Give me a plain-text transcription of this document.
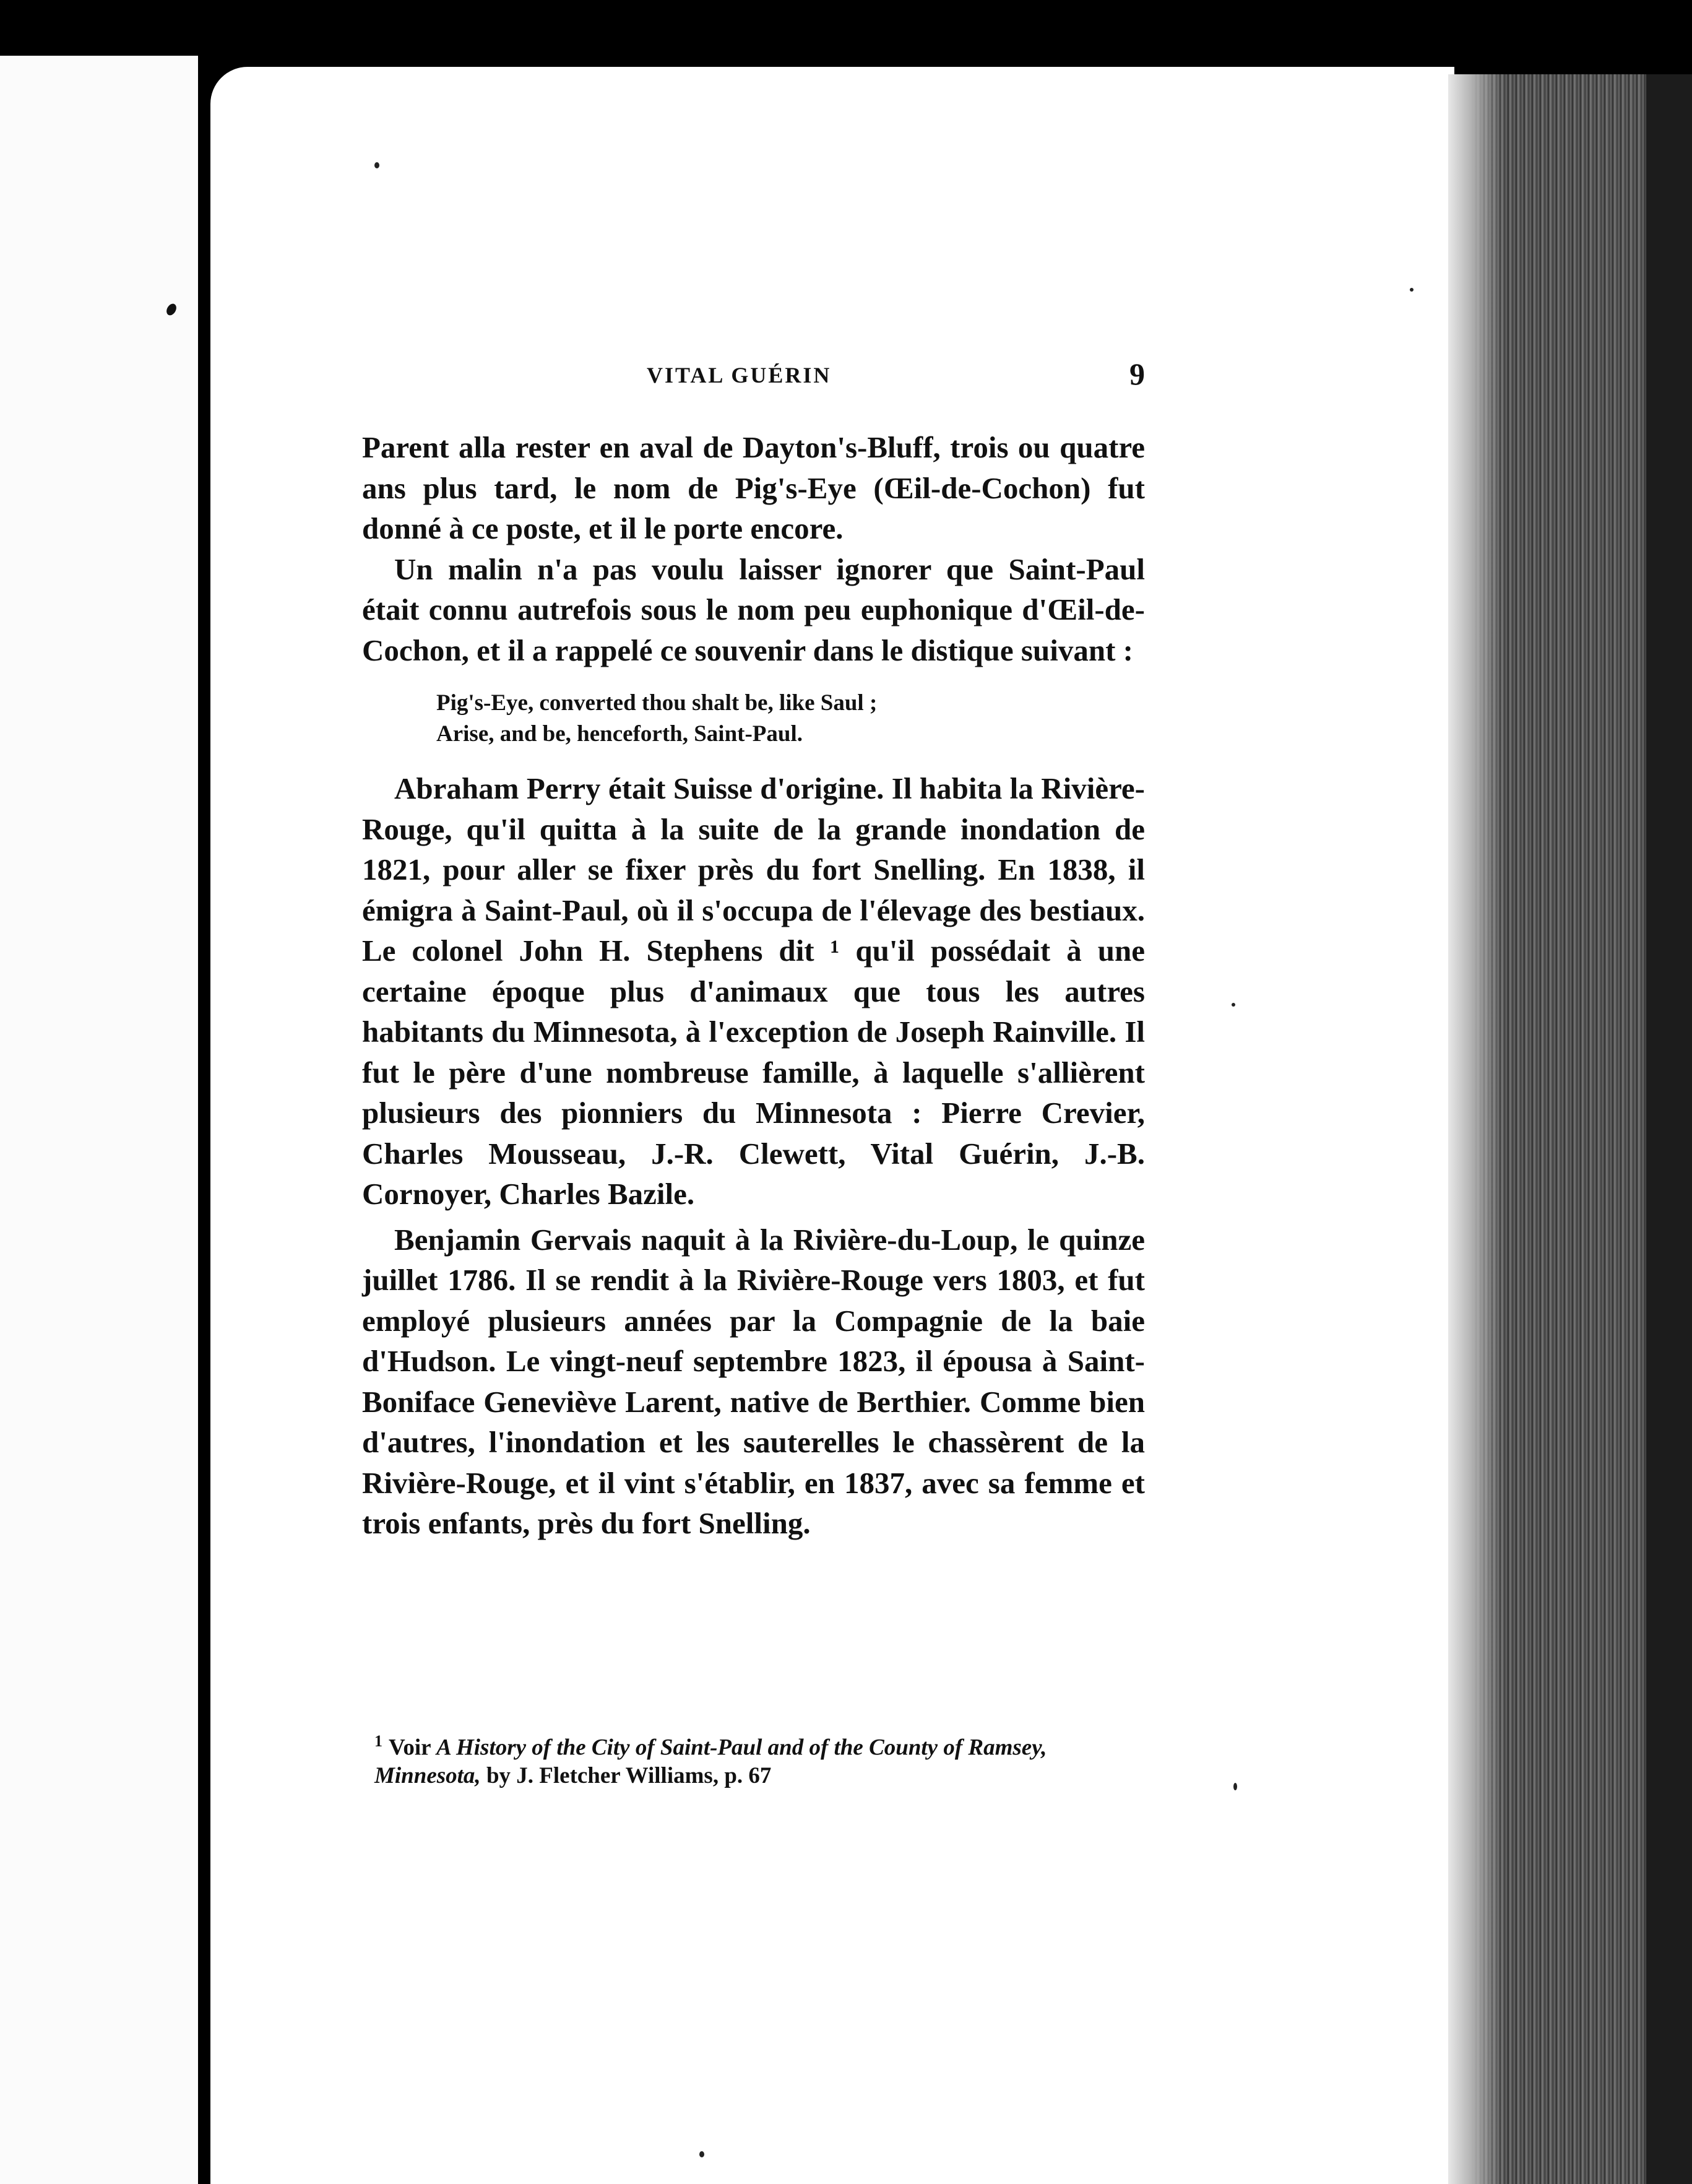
VITAL GUÉRIN	9

Parent alla rester en aval de Dayton's-Bluff, trois ou quatre ans plus tard, le nom de Pig's-Eye (Œil-de-Cochon) fut donné à ce poste, et il le porte encore.

Un malin n'a pas voulu laisser ignorer que Saint-Paul était connu autrefois sous le nom peu euphonique d'Œil-de-Cochon, et il a rappelé ce souvenir dans le distique suivant :

Pig's-Eye, converted thou shalt be, like Saul ;
Arise, and be, henceforth, Saint-Paul.

Abraham Perry était Suisse d'origine. Il habita la Rivière-Rouge, qu'il quitta à la suite de la grande inondation de 1821, pour aller se fixer près du fort Snelling. En 1838, il émigra à Saint-Paul, où il s'occupa de l'élevage des bestiaux. Le colonel John H. Stephens dit ¹ qu'il possédait à une certaine époque plus d'animaux que tous les autres habitants du Minnesota, à l'exception de Joseph Rainville. Il fut le père d'une nombreuse famille, à laquelle s'allièrent plusieurs des pionniers du Minnesota : Pierre Crevier, Charles Mousseau, J.-R. Clewett, Vital Guérin, J.-B. Cornoyer, Charles Bazile.

Benjamin Gervais naquit à la Rivière-du-Loup, le quinze juillet 1786. Il se rendit à la Rivière-Rouge vers 1803, et fut employé plusieurs années par la Compagnie de la baie d'Hudson. Le vingt-neuf septembre 1823, il épousa à Saint-Boniface Geneviève Larent, native de Berthier. Comme bien d'autres, l'inondation et les sauterelles le chassèrent de la Rivière-Rouge, et il vint s'établir, en 1837, avec sa femme et trois enfants, près du fort Snelling.

$^1$ Voir A History of the City of Saint-Paul and of the County of Ramsey, Minnesota, by J. Fletcher Williams, p. 67
